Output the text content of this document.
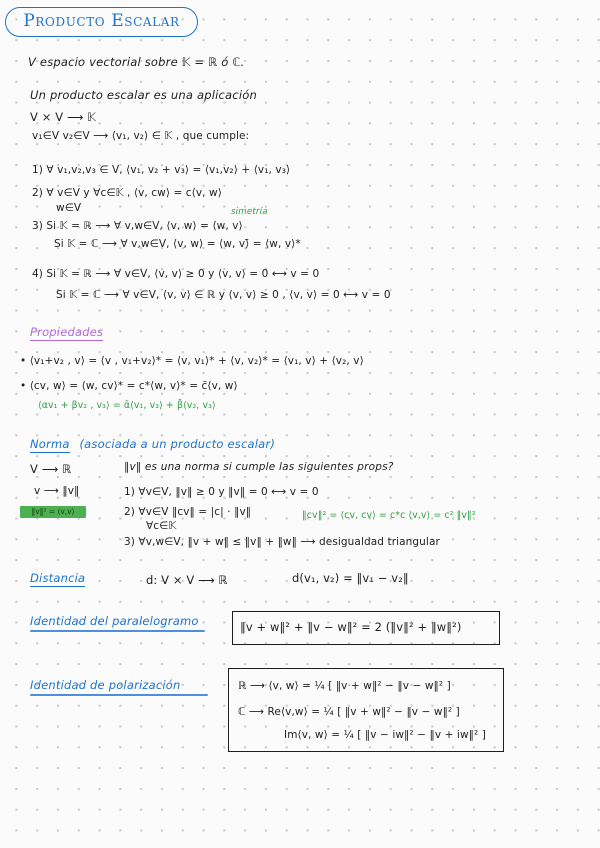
Producto Escalar
V espacio vectorial sobre 𝕂 = ℝ ó ℂ.
Un producto escalar es una aplicación
V × V ⟶ 𝕂
v₁∈V v₂∈V ⟶ ⟨v₁, v₂⟩ ∈ 𝕂 , que cumple:
1) ∀ v₁,v₂,v₃ ∈ V, ⟨v₁, v₂ + v₃⟩ = ⟨v₁,v₂⟩ + ⟨v₁, v₃⟩
2) ∀ v∈V y ∀c∈𝕂 , ⟨v, cw⟩ = c⟨v, w⟩
w∈V	simetría
3) Si 𝕂 = ℝ ⟶ ∀ v,w∈V, ⟨v, w⟩ = ⟨w, v⟩
Si 𝕂 = ℂ ⟶ ∀ v,w∈V, ⟨v, w⟩ = ⟨w, v⟩̄ = ⟨w, v⟩*
4) Si 𝕂 = ℝ ⟶ ∀ v∈V, ⟨v, v⟩ ≥ 0 y ⟨v, v⟩ = 0 ⟷ v = 0
Si 𝕂 = ℂ ⟶ ∀ v∈V, ⟨v, v⟩ ∈ ℝ y ⟨v, v⟩ ≥ 0 , ⟨v, v⟩ = 0 ⟷ v = 0
Propiedades
• ⟨v₁+v₂ , v⟩ = ⟨v , v₁+v₂⟩* = ⟨v, v₁⟩* + ⟨v, v₂⟩* = ⟨v₁, v⟩ + ⟨v₂, v⟩
• ⟨cv, w⟩ = ⟨w, cv⟩* = c*⟨w, v⟩* = c̄⟨v, w⟩
⟨αv₁ + βv₂ , v₃⟩ = ᾱ⟨v₁, v₃⟩ + β̄⟨v₂, v₃⟩
Norma (asociada a un producto escalar)
V ⟶ ℝ
v ⟶ ‖v‖
‖v‖² = ⟨v,v⟩
‖v‖ es una norma si cumple las siguientes props?
1) ∀v∈V, ‖v‖ ≥ 0 y ‖v‖ = 0 ⟷ v = 0
2) ∀v∈V ‖cv‖ = |c| · ‖v‖
∀c∈𝕂
‖cv‖² = ⟨cv, cv⟩ = c*c ⟨v,v⟩ = c² ‖v‖²
3) ∀v,w∈V, ‖v + w‖ ≤ ‖v‖ + ‖w‖ ⟶ desigualdad triangular
Distancia	d: V × V ⟶ ℝ	d(v₁, v₂) = ‖v₁ − v₂‖
Identidad del paralelogramo	‖v + w‖² + ‖v − w‖² = 2 (‖v‖² + ‖w‖²)
Identidad de polarización	ℝ ⟶ ⟨v, w⟩ = ¼ [ ‖v + w‖² − ‖v − w‖² ]
ℂ ⟶ Re⟨v,w⟩ = ¼ [ ‖v + w‖² − ‖v − w‖² ]
Im⟨v, w⟩ = ¼ [ ‖v − iw‖² − ‖v + iw‖² ]
